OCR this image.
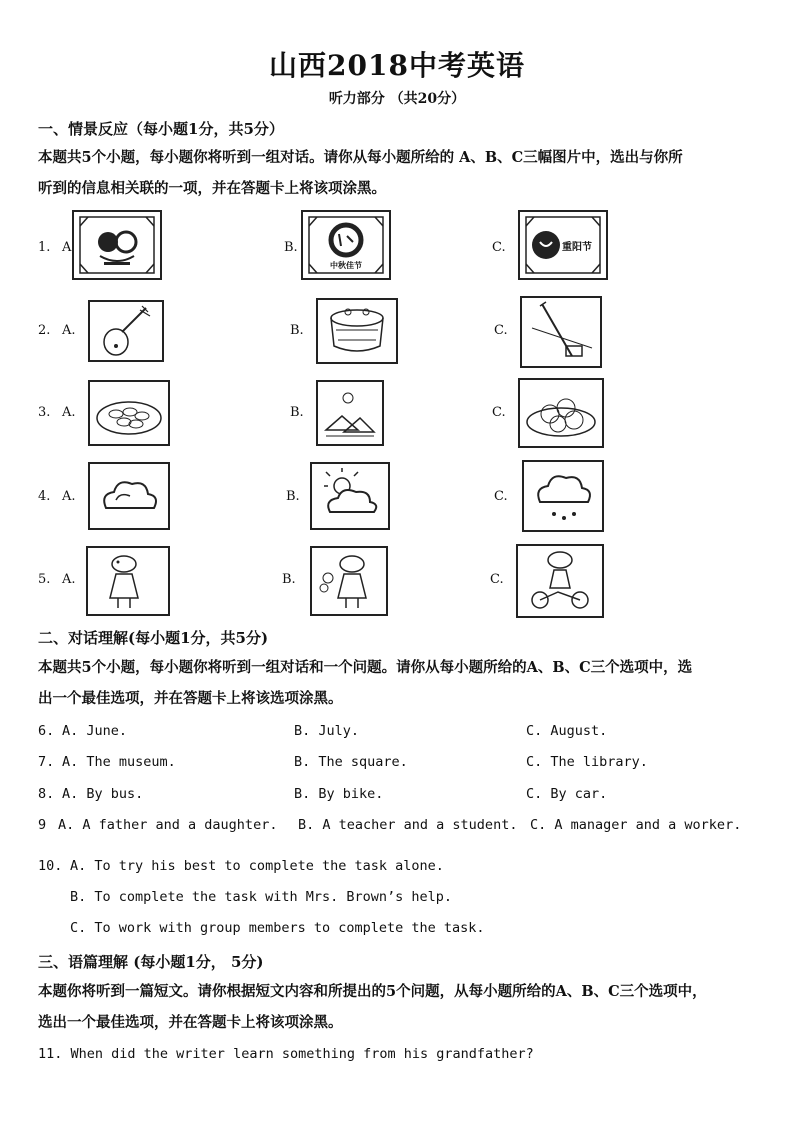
山西2018中考英语
听力部分 （共20分）
一、情景反应（每小题1分，共5分）
本题共5个小题，每小题你将听到一组对话。请你从每小题所给的 A、B、C三幅图片中，选出与你所
听到的信息相关联的一项，并在答题卡上将该项涂黑。
1. A	B.	C.
中秋佳节
重阳节
2. A.	B.	C.
3. A.	B.	C.
4. A.	B.	C.
5. A.	B.	C.
二、对话理解(每小题1分，共5分)
本题共5个小题，每小题你将听到一组对话和一个问题。请你从每小题所给的A、B、C三个选项中，选
出一个最佳选项，并在答题卡上将该选项涂黑。
6. A. June.	B. July.	C. August.
7. A. The museum.	B. The square.	C. The library.
8. A. By bus.	B. By bike.	C. By car.
9 A. A father and a daughter. B. A teacher and a student. C. A manager and a worker.
10. A. To try his best to complete the task alone.
B. To complete the task with Mrs. Brown’s help.
C. To work with group members to complete the task.
三、语篇理解 (每小题1分， 5分)
本题你将听到一篇短文。请你根据短文内容和所提出的5个问题，从每小题所给的A、B、C三个选项中，
选出一个最佳选项，并在答题卡上将该项涂黑。
11. When did the writer learn something from his grandfather?
